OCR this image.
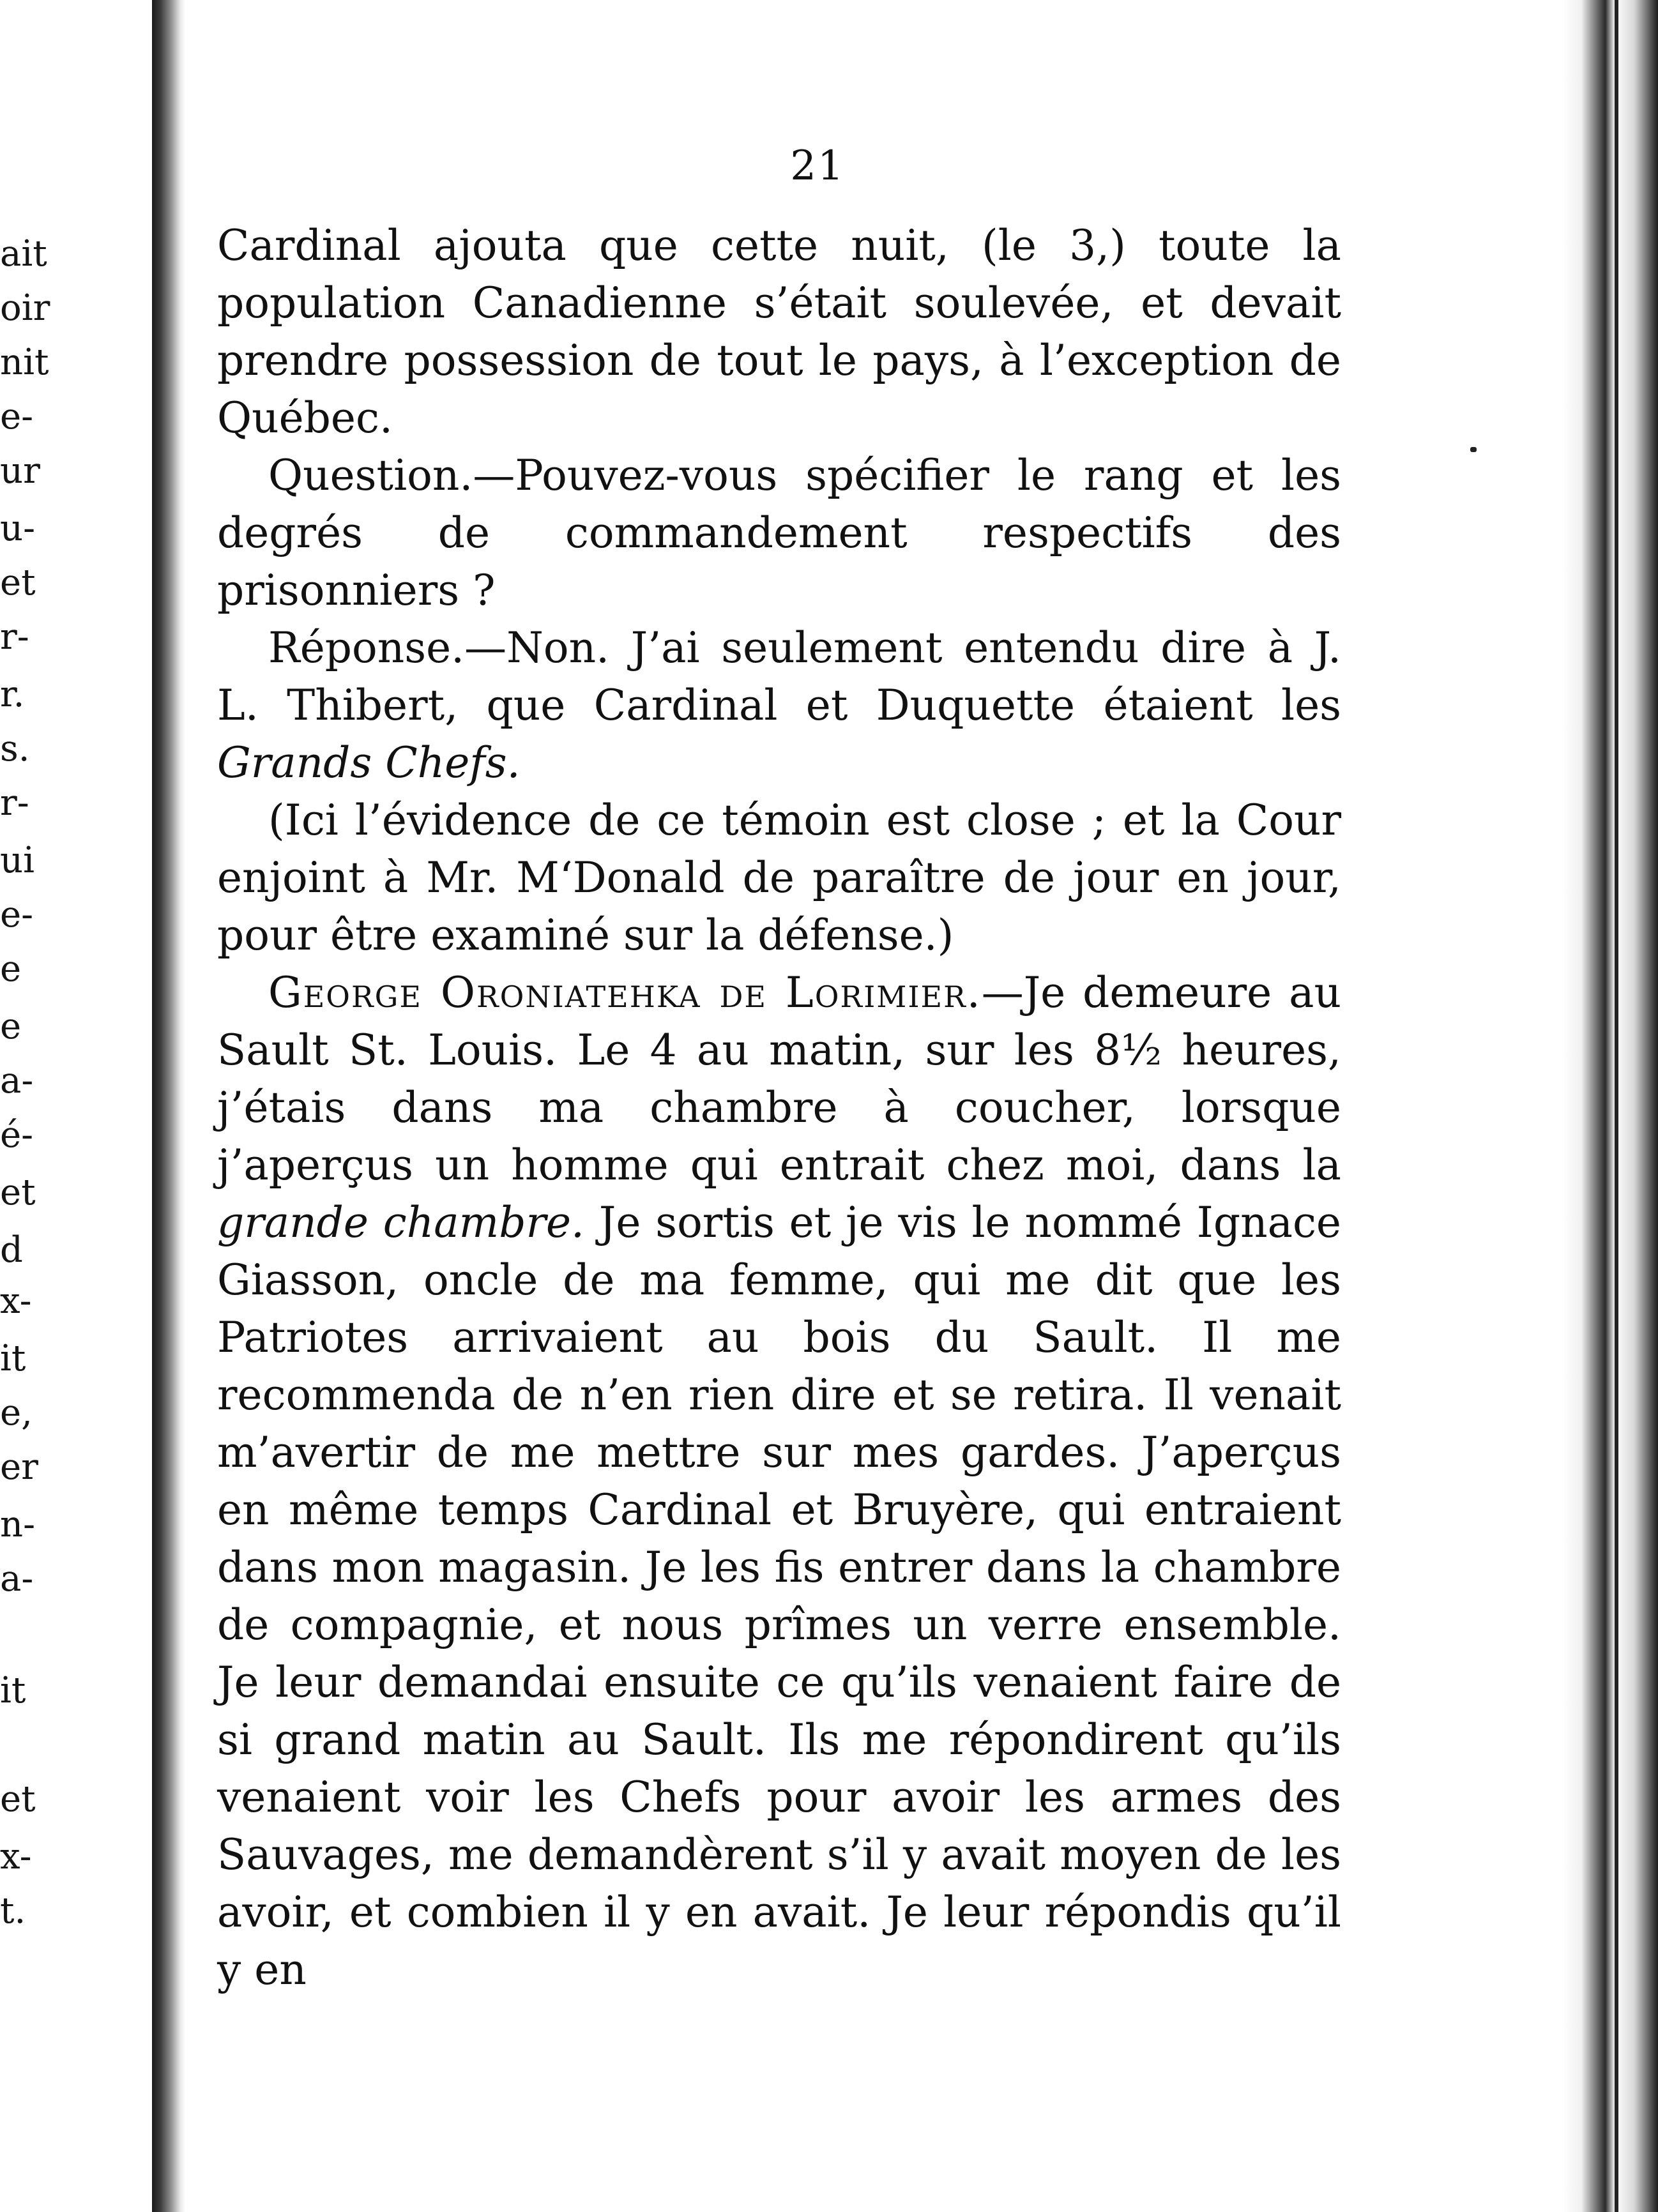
ait
oir
nit
e-
ur
u-
et
r-
r.
s.
r-
ui
e-
e
e
a-
é-
et
d
x-
it
e,
er
n-
a-
it
et
x-
t.
21

Cardinal ajouta que cette nuit, (le 3,) toute la population Canadienne s’était soulevée, et devait prendre possession de tout le pays, à l’exception de Québec.

Question.—Pouvez-vous spécifier le rang et les degrés de commandement respectifs des prisonniers ?

Réponse.—Non. J’ai seulement entendu dire à J. L. Thibert, que Cardinal et Duquette étaient les Grands Chefs.

(Ici l’évidence de ce témoin est close ; et la Cour enjoint à Mr. M‘Donald de paraître de jour en jour, pour être examiné sur la défense.)

George Oroniatehka de Lorimier.—Je demeure au Sault St. Louis. Le 4 au matin, sur les 8½ heures, j’étais dans ma chambre à coucher, lorsque j’aperçus un homme qui entrait chez moi, dans la grande chambre. Je sortis et je vis le nommé Ignace Giasson, oncle de ma femme, qui me dit que les Patriotes arrivaient au bois du Sault. Il me recommenda de n’en rien dire et se retira. Il venait m’avertir de me mettre sur mes gardes. J’aperçus en même temps Cardinal et Bruyère, qui entraient dans mon magasin. Je les fis entrer dans la chambre de compagnie, et nous prîmes un verre ensemble. Je leur demandai ensuite ce qu’ils venaient faire de si grand matin au Sault. Ils me répondirent qu’ils venaient voir les Chefs pour avoir les armes des Sauvages, me demandèrent s’il y avait moyen de les avoir, et combien il y en avait. Je leur répondis qu’il y en
